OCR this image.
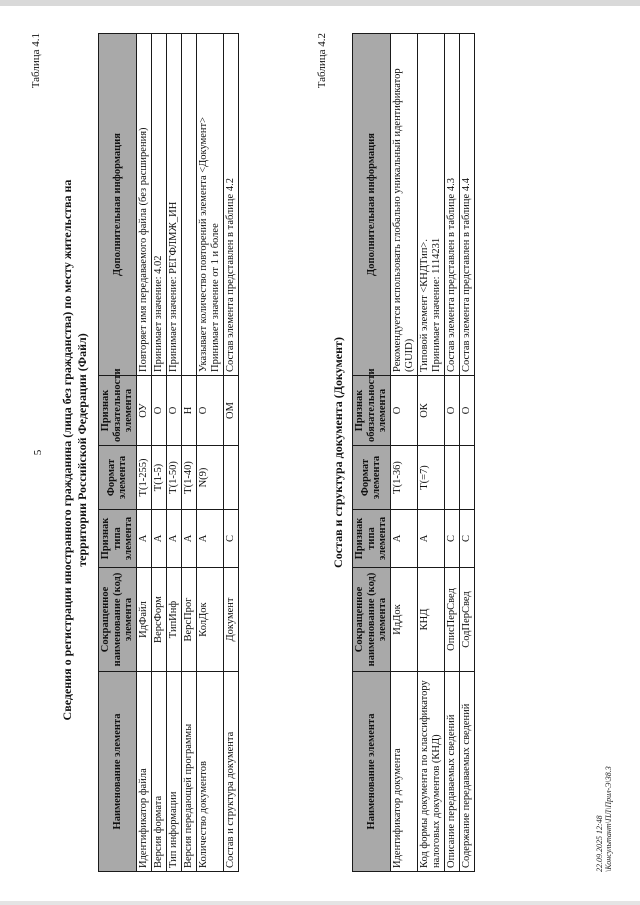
5
Таблица 4.1
Сведения о регистрации иностранного гражданина (лица без гражданства) по месту жительства на территории Российской Федерации (Файл)
Наименование элемента	Сокращенное наименование (код) элемента	Признак типа элемента	Формат элемента	Признак обязательности элемента	Дополнительная информация
Идентификатор файла	ИдФайл	А	T(1-255)	ОУ	Повторяет имя передаваемого файла (без расширения)

Версия формата	ВерсФорм	А	T(1-5)	О	Принимает значение: 4.02

Тип информации	ТипИнф	А	T(1-50)	О	Принимает значение: РЕГФЛМЖ_ИН

Версия передающей программы	ВерсПрог	А	T(1-40)	Н	

Количество документов	КолДок	А	N(9)	О	Указывает количество повторений элемента <Документ> Принимает значение от 1 и более

Состав и структура документа	Документ	С		ОМ	Состав элемента представлен в таблице 4.2
Таблица 4.2
Состав и структура документа (Документ)
Наименование элемента	Сокращенное наименование (код) элемента	Признак типа элемента	Формат элемента	Признак обязательности элемента	Дополнительная информация
Идентификатор документа	ИдДок	А	T(1-36)	О	Рекомендуется использовать глобально уникальный идентификатор (GUID)

Код формы документа по классификатору налоговых документов (КНД)	КНД	А	T(=7)	ОК	Типовой элемент <КНДТип>. Принимает значение: 1114231

Описание передаваемых сведений	ОписПерСвед	С		О	Состав элемента представлен в таблице 4.3

Содержание передаваемых сведений	СодПерСвед	С		О	Состав элемента представлен в таблице 4.4
22.09.2025 12:48 \Консультант\ПЛ\Прил-Э\38.3
